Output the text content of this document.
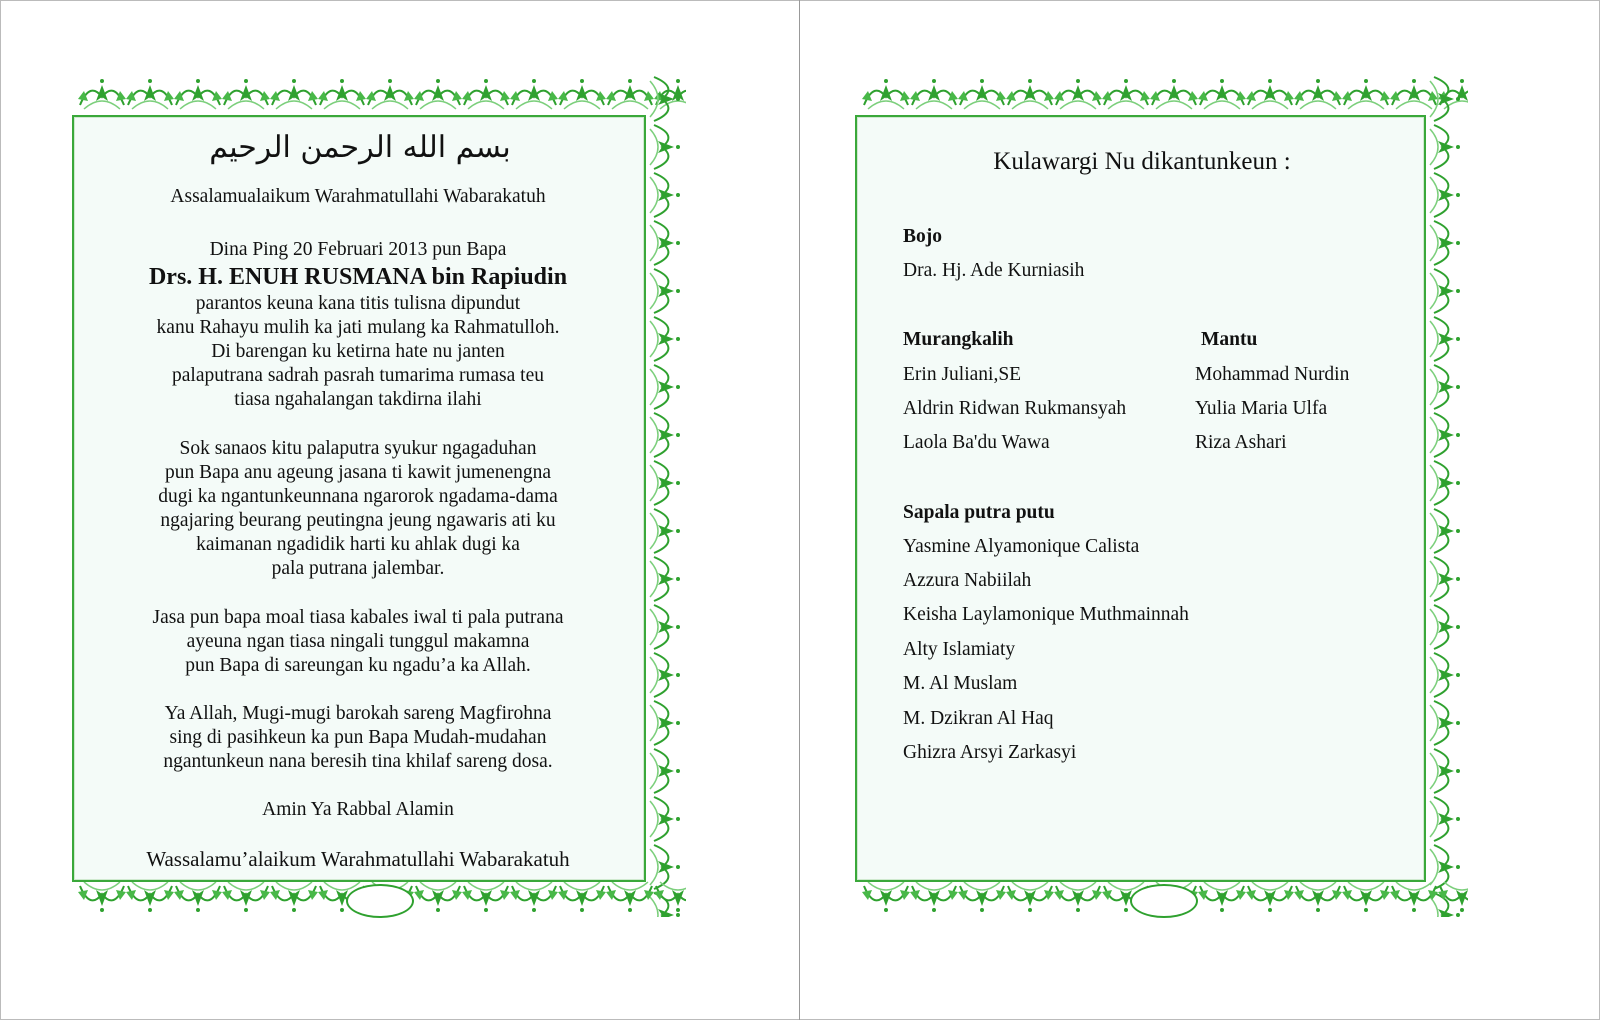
بسم الله الرحمن الرحيم
Assalamualaikum Warahmatullahi Wabarakatuh
Dina Ping 20 Februari 2013 pun Bapa
Drs. H. ENUH RUSMANA bin Rapiudin
parantos keuna kana titis tulisna dipundut
kanu Rahayu mulih ka jati mulang ka Rahmatulloh.
Di barengan ku ketirna hate nu janten
palaputrana sadrah pasrah tumarima rumasa teu
tiasa ngahalangan takdirna ilahi
Sok sanaos kitu palaputra syukur ngagaduhan
pun Bapa anu ageung jasana ti kawit jumenengna
dugi ka ngantunkeunnana ngarorok ngadama-dama
ngajaring beurang peutingna jeung ngawaris ati ku
kaimanan ngadidik harti ku ahlak dugi ka
pala putrana jalembar.
Jasa pun bapa moal tiasa kabales iwal ti pala putrana
ayeuna ngan tiasa ningali tunggul makamna
pun Bapa di sareungan ku ngadu’a ka Allah.
Ya Allah, Mugi-mugi barokah sareng Magfirohna
sing di pasihkeun ka pun Bapa Mudah-mudahan
ngantunkeun nana beresih tina khilaf sareng dosa.
Amin Ya Rabbal Alamin
Wassalamu’alaikum Warahmatullahi Wabarakatuh
Kulawargi Nu dikantunkeun :
Bojo
Dra. Hj. Ade Kurniasih
Murangkalih
Erin Juliani,SE
Aldrin Ridwan Rukmansyah
Laola Ba'du Wawa
Mantu
Mohammad Nurdin
Yulia Maria Ulfa
Riza Ashari
Sapala putra putu
Yasmine Alyamonique Calista
Azzura Nabiilah
Keisha Laylamonique Muthmainnah
Alty Islamiaty
M. Al Muslam
M. Dzikran Al Haq
Ghizra Arsyi Zarkasyi
